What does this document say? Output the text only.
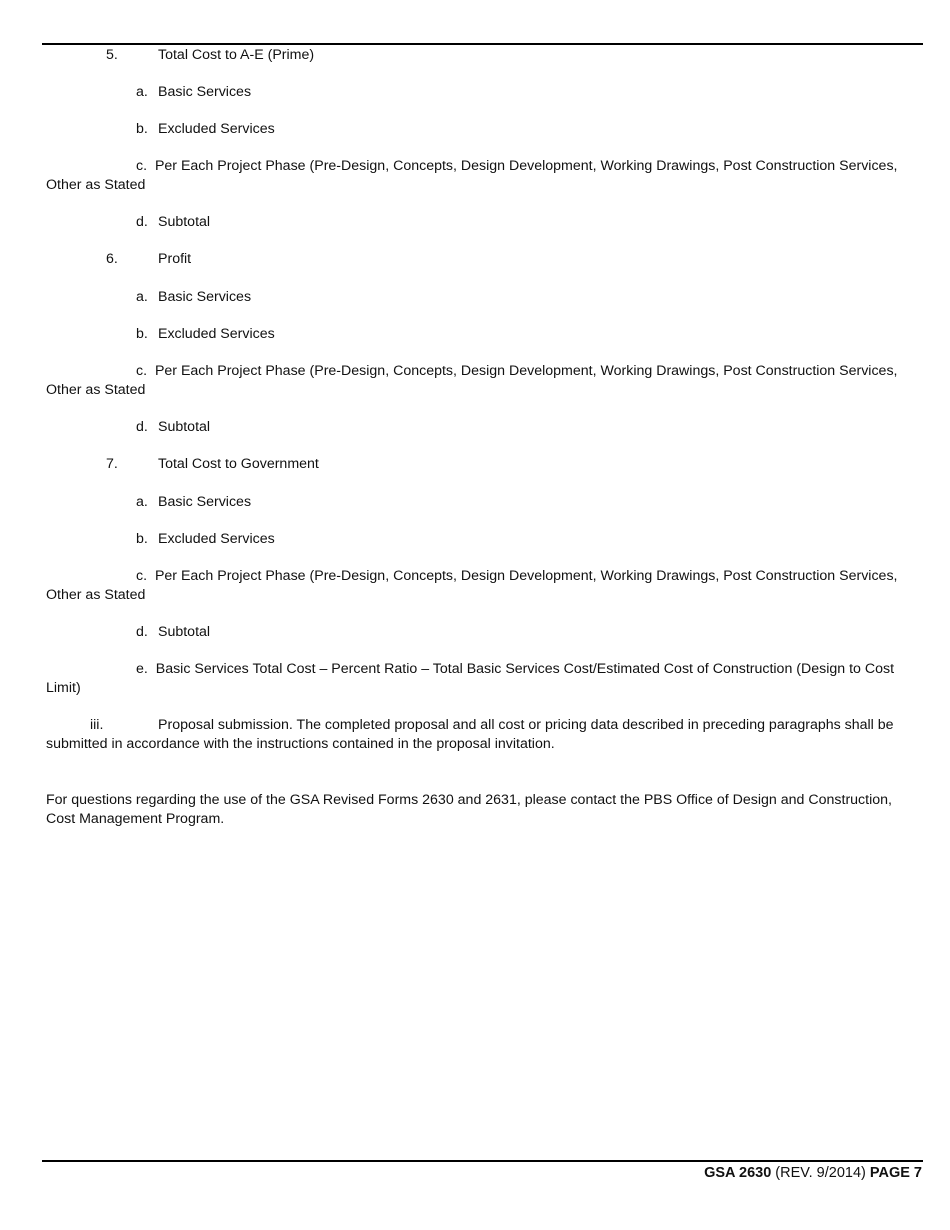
5.	Total Cost to A-E (Prime)
a. Basic Services
b. Excluded Services
c. Per Each Project Phase (Pre-Design, Concepts, Design Development, Working Drawings, Post Construction Services, Other as Stated
d. Subtotal
6.	Profit
a. Basic Services
b. Excluded Services
c. Per Each Project Phase (Pre-Design, Concepts, Design Development, Working Drawings, Post Construction Services, Other as Stated
d. Subtotal
7.	Total Cost to Government
a. Basic Services
b. Excluded Services
c. Per Each Project Phase (Pre-Design, Concepts, Design Development, Working Drawings, Post Construction Services, Other as Stated
d. Subtotal
e. Basic Services Total Cost – Percent Ratio – Total Basic Services Cost/Estimated Cost of Construction (Design to Cost Limit)
iii.	Proposal submission. The completed proposal and all cost or pricing data described in preceding paragraphs shall be submitted in accordance with the instructions contained in the proposal invitation.
For questions regarding the use of the GSA Revised Forms 2630 and 2631, please contact the PBS Office of Design and Construction, Cost Management Program.
GSA 2630 (REV. 9/2014) PAGE 7
